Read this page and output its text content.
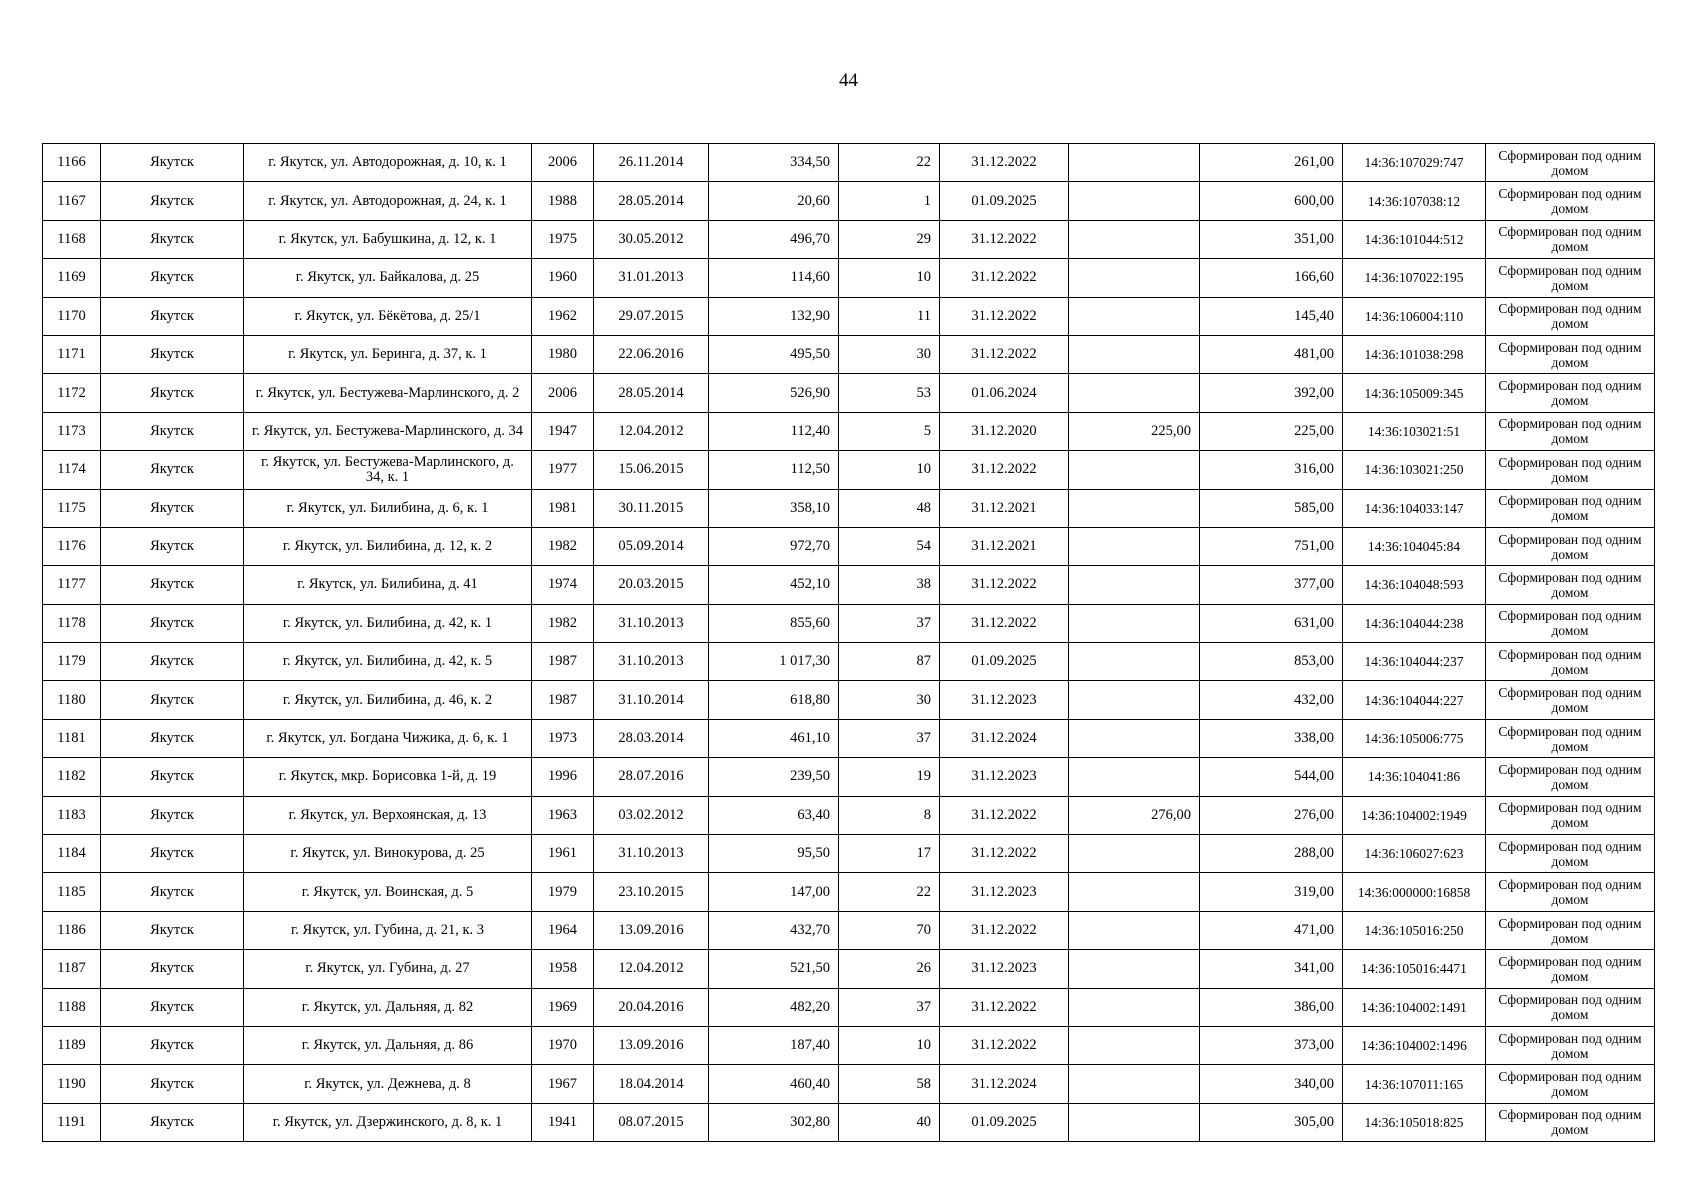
44
1166	Якутск	г. Якутск, ул. Автодорожная, д. 10, к. 1	2006	26.11.2014	334,50	22	31.12.2022		261,00	14:36:107029:747	Сформирован под одним домом
1167	Якутск	г. Якутск, ул. Автодорожная, д. 24, к. 1	1988	28.05.2014	20,60	1	01.09.2025		600,00	14:36:107038:12	Сформирован под одним домом
1168	Якутск	г. Якутск, ул. Бабушкина, д. 12, к. 1	1975	30.05.2012	496,70	29	31.12.2022		351,00	14:36:101044:512	Сформирован под одним домом
1169	Якутск	г. Якутск, ул. Байкалова, д. 25	1960	31.01.2013	114,60	10	31.12.2022		166,60	14:36:107022:195	Сформирован под одним домом
1170	Якутск	г. Якутск, ул. Бёкётова, д. 25/1	1962	29.07.2015	132,90	11	31.12.2022		145,40	14:36:106004:110	Сформирован под одним домом
1171	Якутск	г. Якутск, ул. Беринга, д. 37, к. 1	1980	22.06.2016	495,50	30	31.12.2022		481,00	14:36:101038:298	Сформирован под одним домом
1172	Якутск	г. Якутск, ул. Бестужева-Марлинского, д. 2	2006	28.05.2014	526,90	53	01.06.2024		392,00	14:36:105009:345	Сформирован под одним домом
1173	Якутск	г. Якутск, ул. Бестужева-Марлинского, д. 34	1947	12.04.2012	112,40	5	31.12.2020	225,00	225,00	14:36:103021:51	Сформирован под одним домом
1174	Якутск	г. Якутск, ул. Бестужева-Марлинского, д. 34, к. 1	1977	15.06.2015	112,50	10	31.12.2022		316,00	14:36:103021:250	Сформирован под одним домом
1175	Якутск	г. Якутск, ул. Билибина, д. 6, к. 1	1981	30.11.2015	358,10	48	31.12.2021		585,00	14:36:104033:147	Сформирован под одним домом
1176	Якутск	г. Якутск, ул. Билибина, д. 12, к. 2	1982	05.09.2014	972,70	54	31.12.2021		751,00	14:36:104045:84	Сформирован под одним домом
1177	Якутск	г. Якутск, ул. Билибина, д. 41	1974	20.03.2015	452,10	38	31.12.2022		377,00	14:36:104048:593	Сформирован под одним домом
1178	Якутск	г. Якутск, ул. Билибина, д. 42, к. 1	1982	31.10.2013	855,60	37	31.12.2022		631,00	14:36:104044:238	Сформирован под одним домом
1179	Якутск	г. Якутск, ул. Билибина, д. 42, к. 5	1987	31.10.2013	1 017,30	87	01.09.2025		853,00	14:36:104044:237	Сформирован под одним домом
1180	Якутск	г. Якутск, ул. Билибина, д. 46, к. 2	1987	31.10.2014	618,80	30	31.12.2023		432,00	14:36:104044:227	Сформирован под одним домом
1181	Якутск	г. Якутск, ул. Богдана Чижика, д. 6, к. 1	1973	28.03.2014	461,10	37	31.12.2024		338,00	14:36:105006:775	Сформирован под одним домом
1182	Якутск	г. Якутск, мкр. Борисовка 1-й, д. 19	1996	28.07.2016	239,50	19	31.12.2023		544,00	14:36:104041:86	Сформирован под одним домом
1183	Якутск	г. Якутск, ул. Верхоянская, д. 13	1963	03.02.2012	63,40	8	31.12.2022	276,00	276,00	14:36:104002:1949	Сформирован под одним домом
1184	Якутск	г. Якутск, ул. Винокурова, д. 25	1961	31.10.2013	95,50	17	31.12.2022		288,00	14:36:106027:623	Сформирован под одним домом
1185	Якутск	г. Якутск, ул. Воинская, д. 5	1979	23.10.2015	147,00	22	31.12.2023		319,00	14:36:000000:16858	Сформирован под одним домом
1186	Якутск	г. Якутск, ул. Губина, д. 21, к. 3	1964	13.09.2016	432,70	70	31.12.2022		471,00	14:36:105016:250	Сформирован под одним домом
1187	Якутск	г. Якутск, ул. Губина, д. 27	1958	12.04.2012	521,50	26	31.12.2023		341,00	14:36:105016:4471	Сформирован под одним домом
1188	Якутск	г. Якутск, ул. Дальняя, д. 82	1969	20.04.2016	482,20	37	31.12.2022		386,00	14:36:104002:1491	Сформирован под одним домом
1189	Якутск	г. Якутск, ул. Дальняя, д. 86	1970	13.09.2016	187,40	10	31.12.2022		373,00	14:36:104002:1496	Сформирован под одним домом
1190	Якутск	г. Якутск, ул. Дежнева, д. 8	1967	18.04.2014	460,40	58	31.12.2024		340,00	14:36:107011:165	Сформирован под одним домом
1191	Якутск	г. Якутск, ул. Дзержинского, д. 8, к. 1	1941	08.07.2015	302,80	40	01.09.2025		305,00	14:36:105018:825	Сформирован под одним домом
